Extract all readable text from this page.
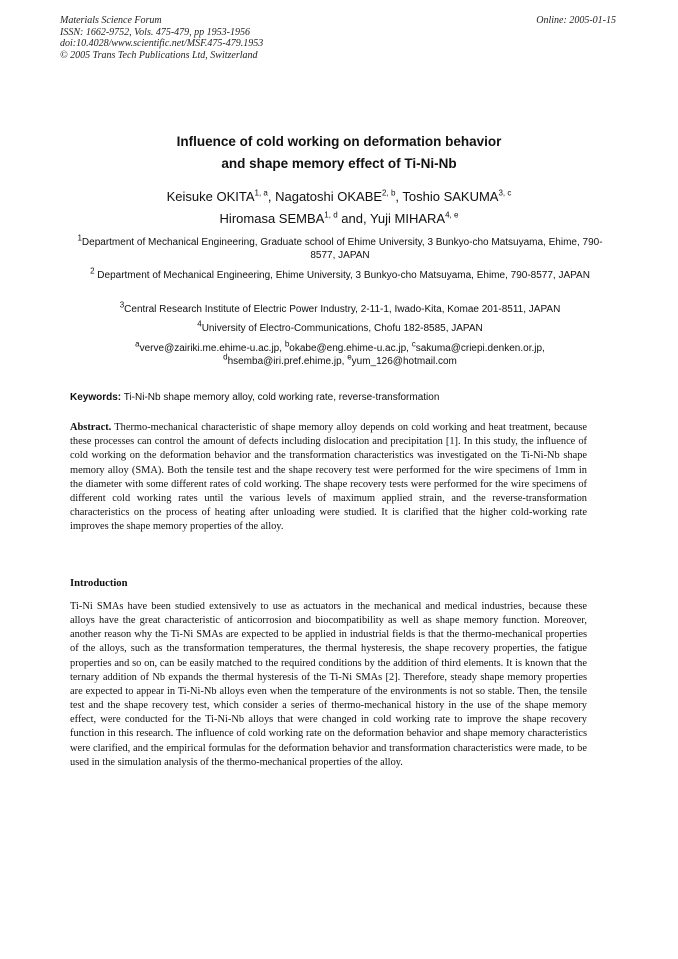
Materials Science Forum
ISSN: 1662-9752, Vols. 475-479, pp 1953-1956
doi:10.4028/www.scientific.net/MSF.475-479.1953
© 2005 Trans Tech Publications Ltd, Switzerland
Online: 2005-01-15
Influence of cold working on deformation behavior
and shape memory effect of Ti-Ni-Nb
Keisuke OKITA$^{1, a}$, Nagatoshi OKABE$^{2, b}$, Toshio SAKUMA$^{3, c}$
Hiromasa SEMBA$^{1, d}$ and, Yuji MIHARA$^{4, e}$
$^1$Department of Mechanical Engineering, Graduate school of Ehime University, 3 Bunkyo-cho Matsuyama, Ehime, 790-8577, JAPAN
$^2$ Department of Mechanical Engineering, Ehime University, 3 Bunkyo-cho Matsuyama, Ehime, 790-8577, JAPAN
$^3$Central Research Institute of Electric Power Industry, 2-11-1, Iwado-Kita, Komae 201-8511, JAPAN
$^4$University of Electro-Communications, Chofu 182-8585, JAPAN
$^a$verve@zairiki.me.ehime-u.ac.jp, $^b$okabe@eng.ehime-u.ac.jp, $^c$sakuma@criepi.denken.or.jp,
$^d$hsemba@iri.pref.ehime.jp, $^e$yum_126@hotmail.com
Keywords: Ti-Ni-Nb shape memory alloy, cold working rate, reverse-transformation
Abstract. Thermo-mechanical characteristic of shape memory alloy depends on cold working and heat treatment, because these processes can control the amount of defects including dislocation and precipitation [1]. In this study, the influence of cold working on the deformation behavior and the transformation characteristics was investigated on the Ti-Ni-Nb shape memory alloy (SMA). Both the tensile test and the shape recovery test were performed for the wire specimens of 1mm in the diameter with some different rates of cold working. The shape recovery tests were performed for the wire specimens of different cold working rates until the various levels of maximum applied strain, and the reverse-transformation characteristics on the process of heating after unloading were studied. It is clarified that the higher cold-working rate improves the shape memory properties of the alloy.
Introduction
Ti-Ni SMAs have been studied extensively to use as actuators in the mechanical and medical industries, because these alloys have the great characteristic of anticorrosion and biocompatibility as well as shape memory function. Moreover, another reason why the Ti-Ni SMAs are expected to be applied in industrial fields is that the thermo-mechanical properties of the alloys, such as the transformation temperatures, the thermal hysteresis, the shape recovery properties, the fatigue properties and so on, can be easily matched to the required conditions by the addition of third elements. It is known that the ternary addition of Nb expands the thermal hysteresis of the Ti-Ni SMAs [2]. Therefore, steady shape memory properties are expected to appear in Ti-Ni-Nb alloys even when the temperature of the environments is not so stable. Then, the tensile test and the shape recovery test, which consider a series of thermo-mechanical history in the use of the shape memory effect, were conducted for the Ti-Ni-Nb alloys that were changed in cold working rate to improve the shape recovery function in this research. The influence of cold working rate on the deformation behavior and shape memory characteristics were clarified, and the empirical formulas for the deformation behavior and transformation characteristics were made, to be used in the simulation analysis of the thermo-mechanical properties of the alloy.
